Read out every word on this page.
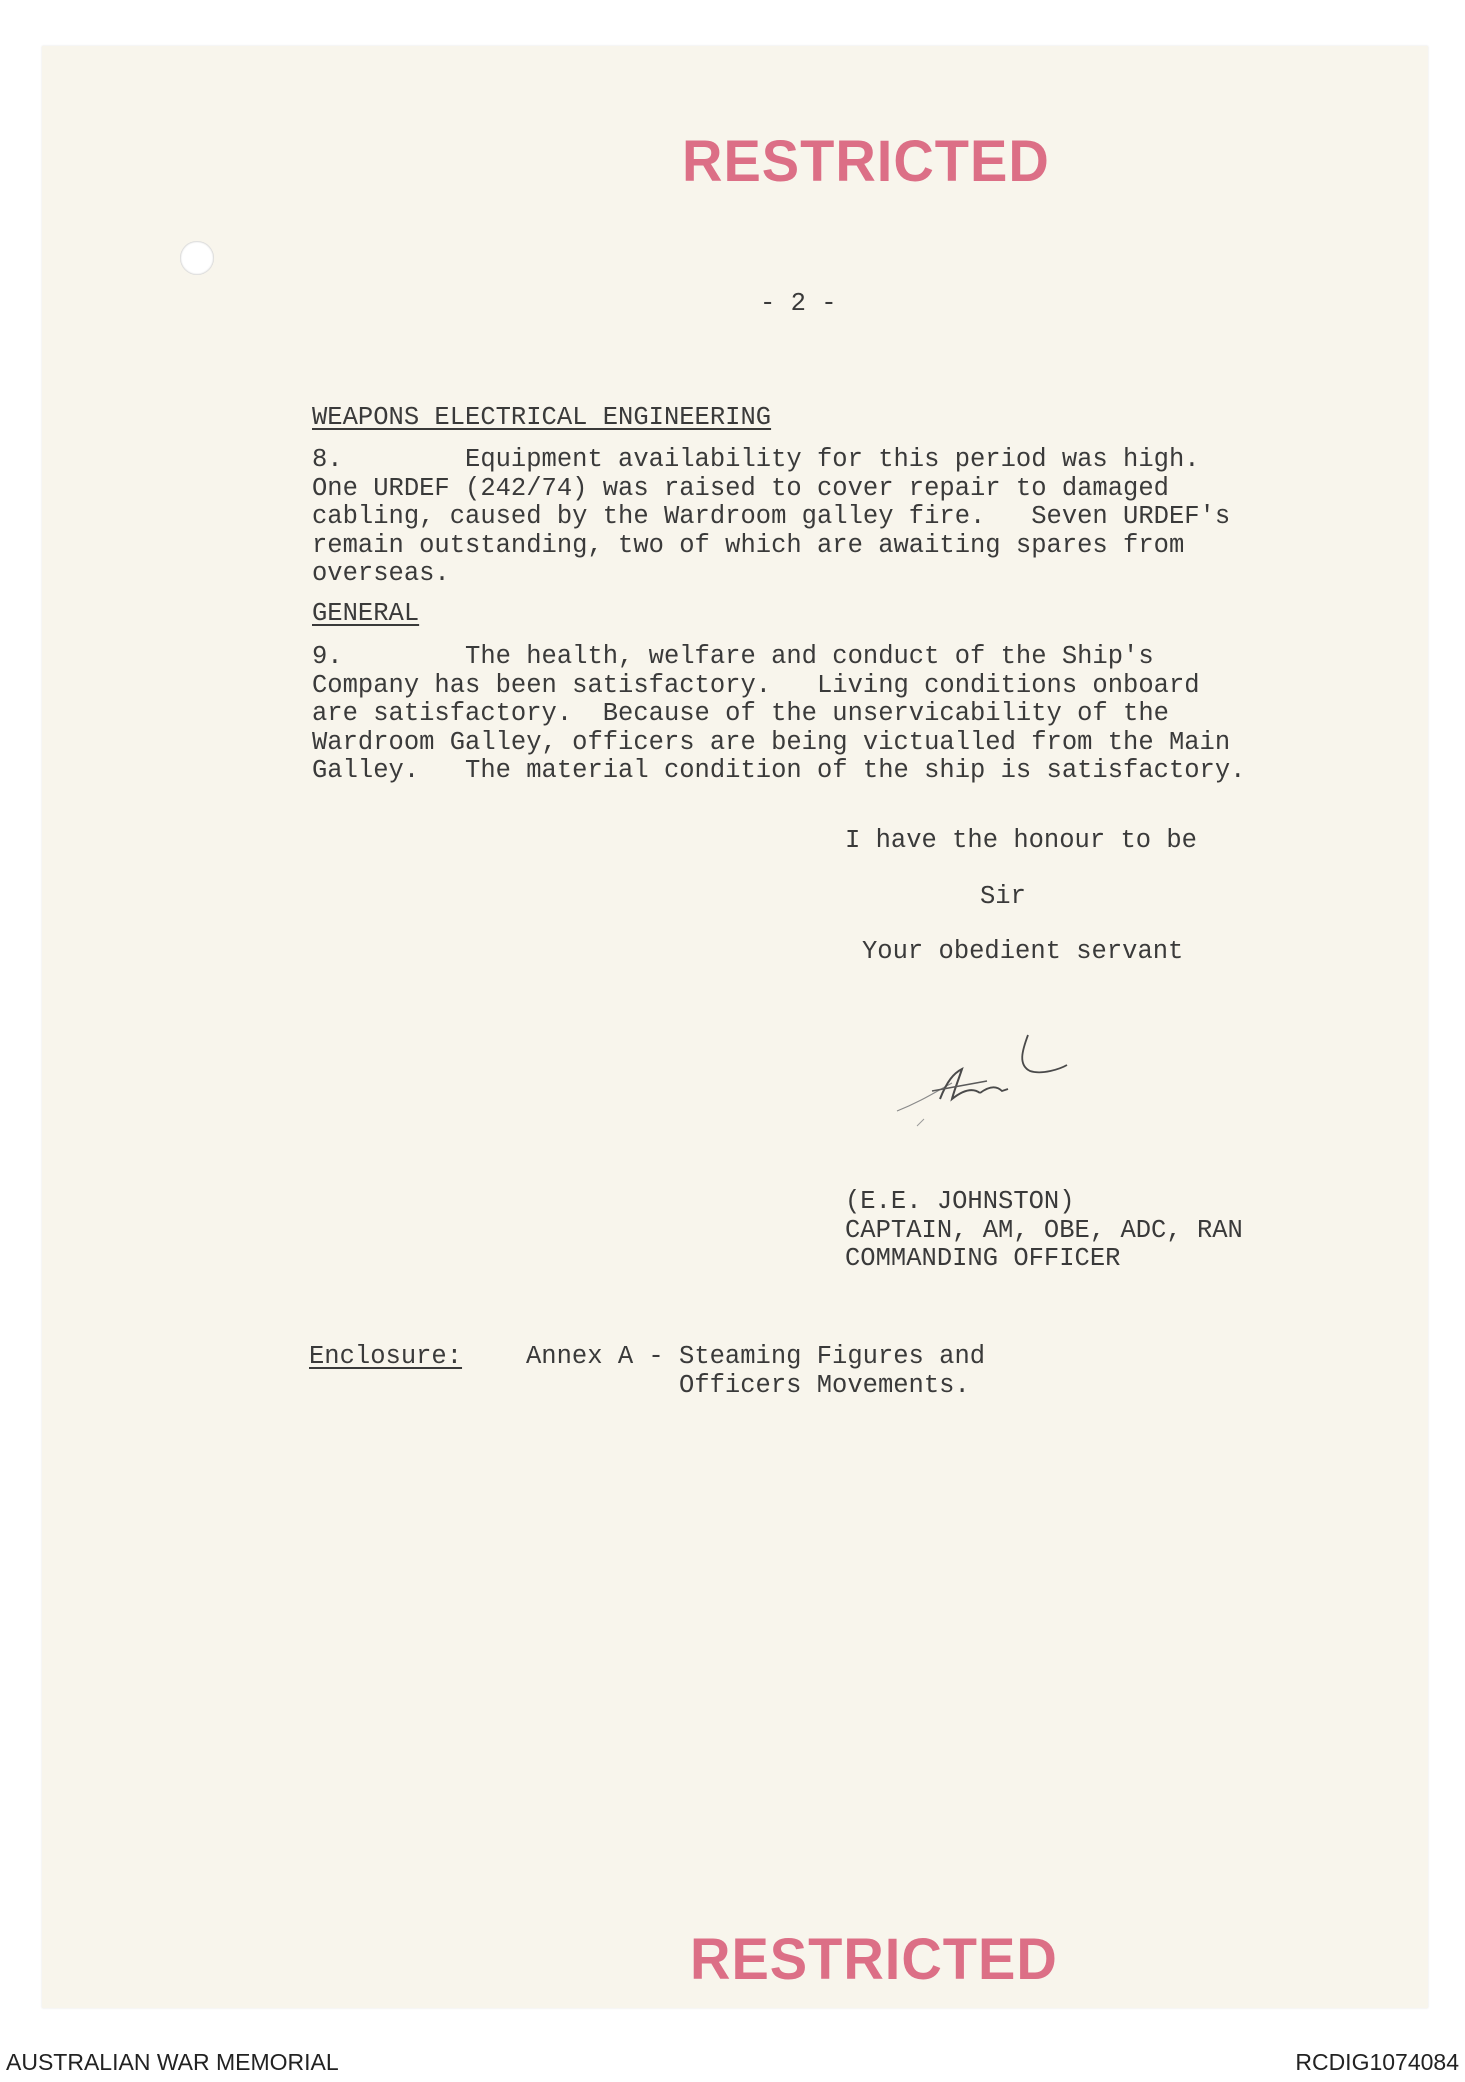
RESTRICTED
- 2 -
WEAPONS ELECTRICAL ENGINEERING
8.        Equipment availability for this period was high.
One URDEF (242/74) was raised to cover repair to damaged
cabling, caused by the Wardroom galley fire.   Seven URDEF's
remain outstanding, two of which are awaiting spares from
overseas.
GENERAL
9.        The health, welfare and conduct of the Ship's
Company has been satisfactory.   Living conditions onboard
are satisfactory.  Because of the unservicability of the
Wardroom Galley, officers are being victualled from the Main
Galley.   The material condition of the ship is satisfactory.
I have the honour to be
Sir
Your obedient servant
(E.E. JOHNSTON)
CAPTAIN, AM, OBE, ADC, RAN
COMMANDING OFFICER
Enclosure:	Annex A - Steaming Figures and
Officers Movements.
RESTRICTED
AUSTRALIAN WAR MEMORIAL	RCDIG1074084
